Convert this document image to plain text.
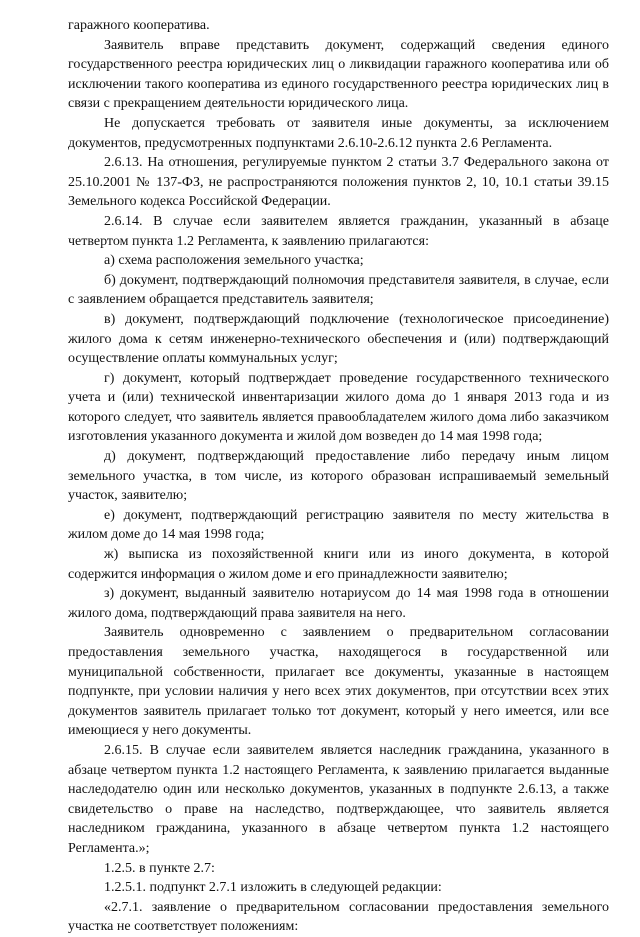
гаражного кооператива.

Заявитель вправе представить документ, содержащий сведения единого государственного реестра юридических лиц о ликвидации гаражного кооператива или об исключении такого кооператива из единого государственного реестра юридических лиц в связи с прекращением деятельности юридического лица.

Не допускается требовать от заявителя иные документы, за исключением документов, предусмотренных подпунктами 2.6.10-2.6.12 пункта 2.6 Регламента.

2.6.13. На отношения, регулируемые пунктом 2 статьи 3.7 Федерального закона от 25.10.2001 № 137-ФЗ, не распространяются положения пунктов 2, 10, 10.1 статьи 39.15 Земельного кодекса Российской Федерации.

2.6.14. В случае если заявителем является гражданин, указанный в абзаце четвертом пункта 1.2 Регламента, к заявлению прилагаются:

а) схема расположения земельного участка;

б) документ, подтверждающий полномочия представителя заявителя, в случае, если с заявлением обращается представитель заявителя;

в) документ, подтверждающий подключение (технологическое присоединение) жилого дома к сетям инженерно-технического обеспечения и (или) подтверждающий осуществление оплаты коммунальных услуг;

г) документ, который подтверждает проведение государственного технического учета и (или) технической инвентаризации жилого дома до 1 января 2013 года и из которого следует, что заявитель является правообладателем жилого дома либо заказчиком изготовления указанного документа и жилой дом возведен до 14 мая 1998 года;

д) документ, подтверждающий предоставление либо передачу иным лицом земельного участка, в том числе, из которого образован испрашиваемый земельный участок, заявителю;

е) документ, подтверждающий регистрацию заявителя по месту жительства в жилом доме до 14 мая 1998 года;

ж) выписка из похозяйственной книги или из иного документа, в которой содержится информация о жилом доме и его принадлежности заявителю;

з) документ, выданный заявителю нотариусом до 14 мая 1998 года в отношении жилого дома, подтверждающий права заявителя на него.

Заявитель одновременно с заявлением о предварительном согласовании предоставления земельного участка, находящегося в государственной или муниципальной собственности, прилагает все документы, указанные в настоящем подпункте, при условии наличия у него всех этих документов, при отсутствии всех этих документов заявитель прилагает только тот документ, который у него имеется, или все имеющиеся у него документы.

2.6.15. В случае если заявителем является наследник гражданина, указанного в абзаце четвертом пункта 1.2 настоящего Регламента, к заявлению прилагается выданные наследодателю один или несколько документов, указанных в подпункте 2.6.13, а также свидетельство о праве на наследство, подтверждающее, что заявитель является наследником гражданина, указанного в абзаце четвертом пункта 1.2 настоящего Регламента.»;

1.2.5. в пункте 2.7:

1.2.5.1. подпункт 2.7.1 изложить в следующей редакции:

«2.7.1. заявление о предварительном согласовании предоставления земельного участка не соответствует положениям:
